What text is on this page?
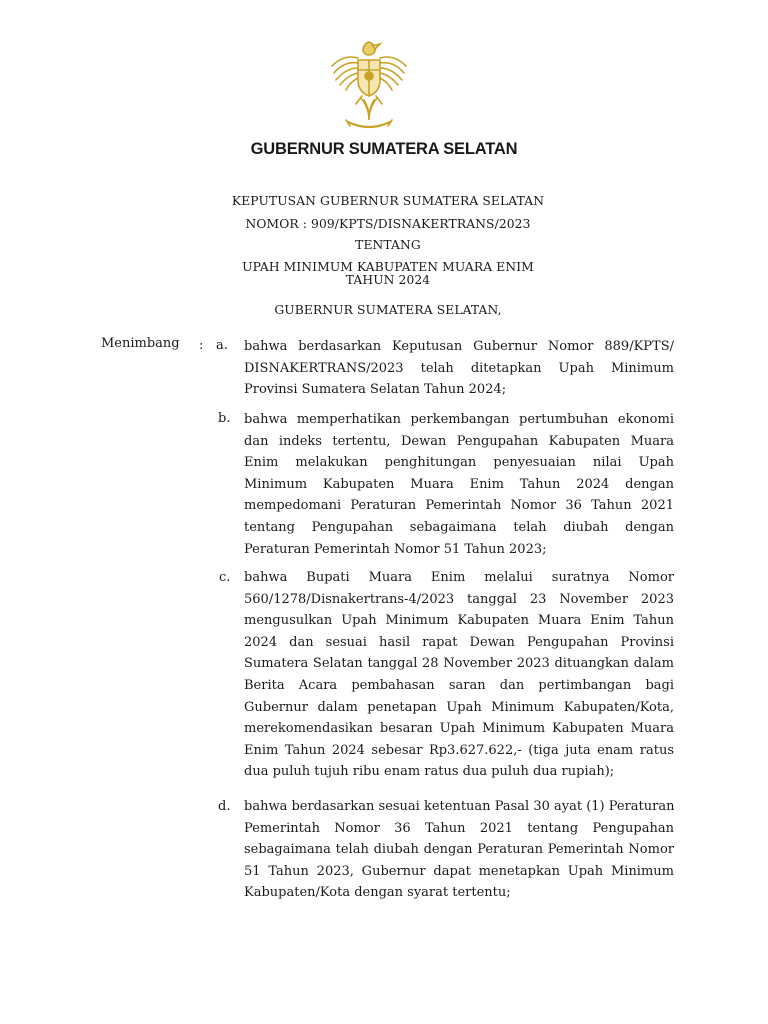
GUBERNUR SUMATERA SELATAN
KEPUTUSAN GUBERNUR SUMATERA SELATAN
NOMOR : 909/KPTS/DISNAKERTRANS/2023
TENTANG
UPAH MINIMUM KABUPATEN MUARA ENIM
TAHUN 2024
GUBERNUR SUMATERA SELATAN,
Menimbang : a. bahwa berdasarkan Keputusan Gubernur Nomor 889/KPTS/
DISNAKERTRANS/2023 telah ditetapkan Upah Minimum
Provinsi Sumatera Selatan Tahun 2024;
b. bahwa memperhatikan perkembangan pertumbuhan ekonomi
dan indeks tertentu, Dewan Pengupahan Kabupaten Muara
Enim melakukan penghitungan penyesuaian nilai Upah
Minimum Kabupaten Muara Enim Tahun 2024 dengan
mempedomani Peraturan Pemerintah Nomor 36 Tahun 2021
tentang Pengupahan sebagaimana telah diubah dengan
Peraturan Pemerintah Nomor 51 Tahun 2023;
c. bahwa Bupati Muara Enim melalui suratnya Nomor
560/1278/Disnakertrans-4/2023 tanggal 23 November 2023
mengusulkan Upah Minimum Kabupaten Muara Enim Tahun
2024 dan sesuai hasil rapat Dewan Pengupahan Provinsi
Sumatera Selatan tanggal 28 November 2023 dituangkan dalam
Berita Acara pembahasan saran dan pertimbangan bagi
Gubernur dalam penetapan Upah Minimum Kabupaten/Kota,
merekomendasikan besaran Upah Minimum Kabupaten Muara
Enim Tahun 2024 sebesar Rp3.627.622,- (tiga juta enam ratus
dua puluh tujuh ribu enam ratus dua puluh dua rupiah);
d. bahwa berdasarkan sesuai ketentuan Pasal 30 ayat (1) Peraturan
Pemerintah Nomor 36 Tahun 2021 tentang Pengupahan
sebagaimana telah diubah dengan Peraturan Pemerintah Nomor
51 Tahun 2023, Gubernur dapat menetapkan Upah Minimum
Kabupaten/Kota dengan syarat tertentu;
